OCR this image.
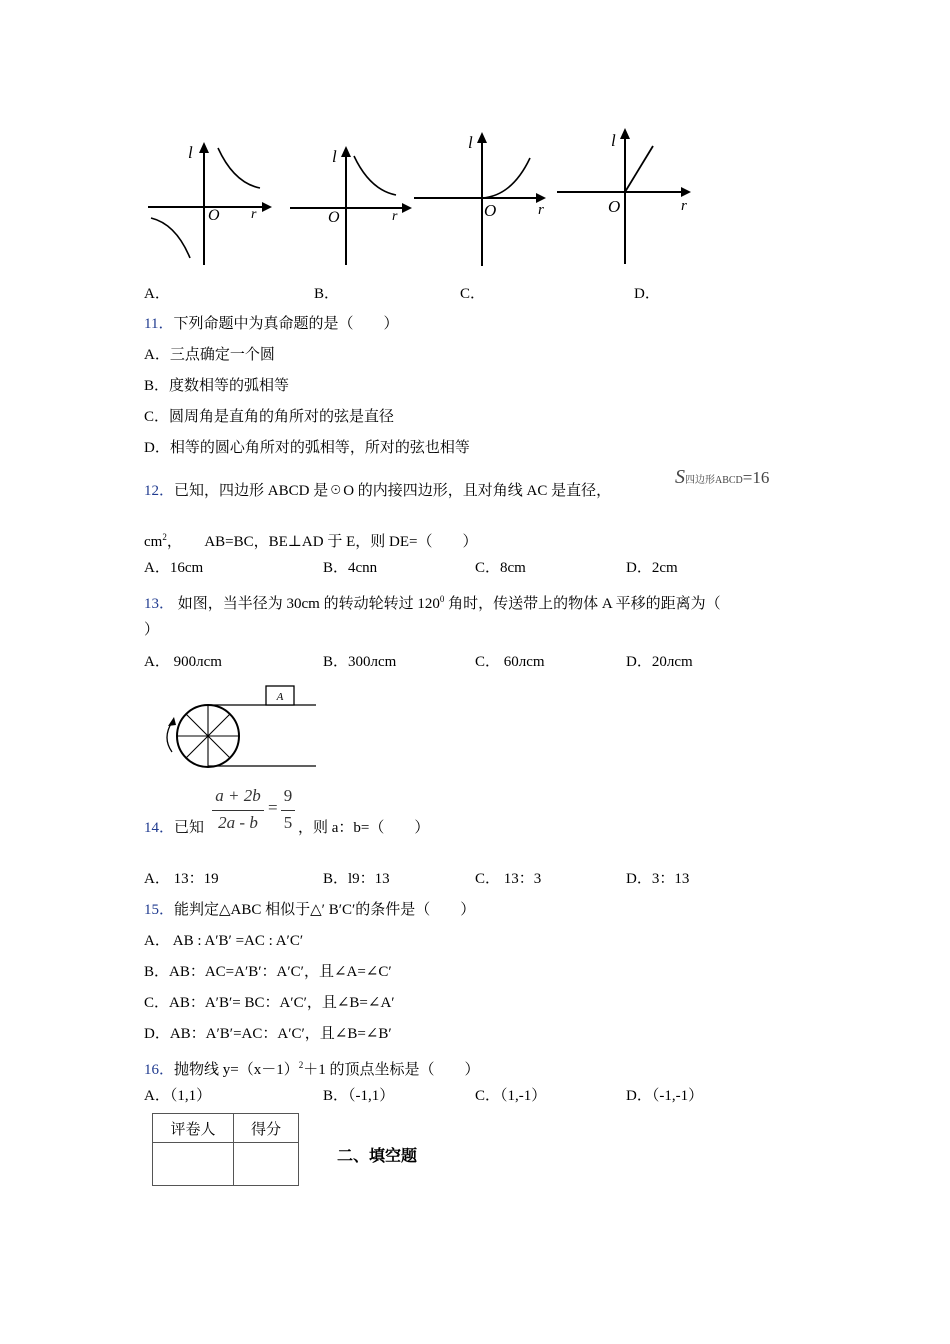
l
r
O
l
r
O
l
r
O
l
r
O
A．	B．	C．	D．
11．下列命题中为真命题的是（　　）
A．三点确定一个圆
B．度数相等的弧相等
C．圆周角是直角的角所对的弦是直径
D．相等的圆心角所对的弧相等，所对的弦也相等
12．已知，四边形 ABCD 是☉O 的内接四边形，且对角线 AC 是直径，
S四边形ABCD=16
$cm^2$，　　AB=BC，BE⊥AD 于 E，则 DE=（　　）
A．16cm	B．4cnn	C．8cm	D．2cm
13． 如图，当半径为 30cm 的转动轮转过 $120^0$ 角时，传送带上的物体 A 平移的距离为（
）
A． 900лcm	B．300лcm	C． 60лcm	D．20лcm
A
a + 2b
2a - b
=
9
5
14．已知	，则 a：b=（　　）
A． 13：19	B．l9：13	C． 13：3	D．3：13
15．能判定△ABC 相似于△′ B′C′的条件是（　　）
A． AB : A′B′ =AC : A′C′
B．AB：AC=A′B′：A′C′，且∠A=∠C′
C．AB：A′B′= BC：A′C′，且∠B=∠A′
D．AB：A′B′=AC：A′C′，且∠B=∠B′
16．抛物线 $y=(x-1)^2+1$ 的顶点坐标是（　　）
A．（1,1）	B．（-1,1）	C．（1,-1）	D．（-1,-1）
评卷人	得分

二、填空题
